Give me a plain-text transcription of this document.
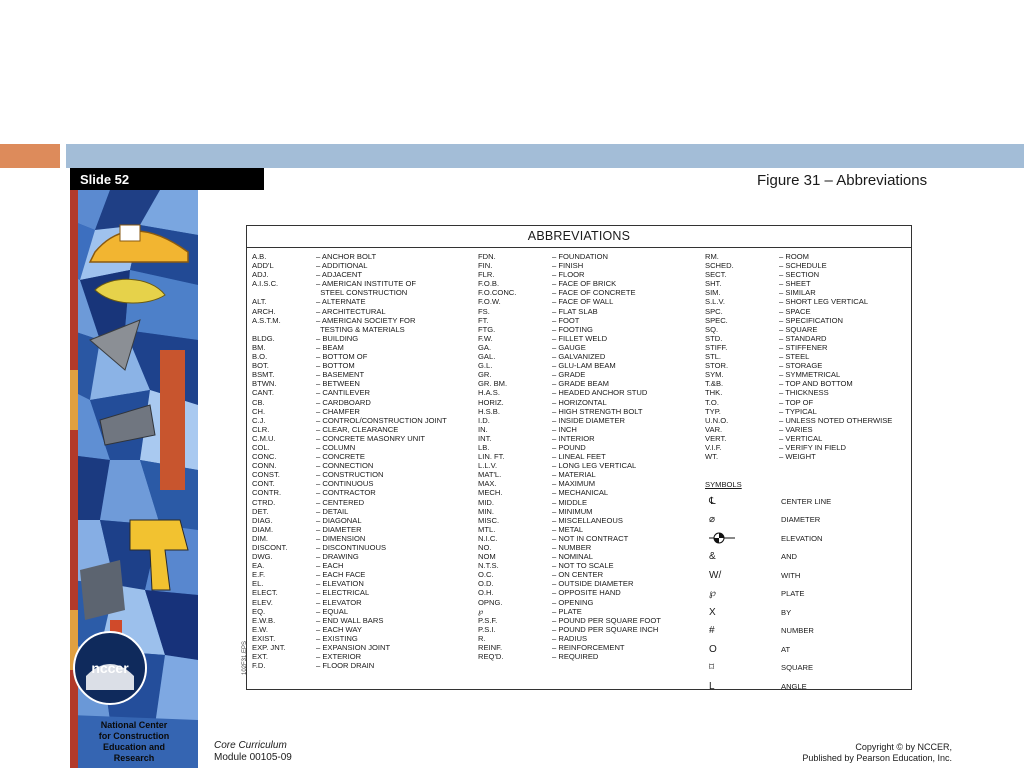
Slide 52	Figure 31 – Abbreviations
nccer
National Center
for Construction
Education and
Research
ABBREVIATIONS
A.B.	– ANCHOR BOLT
ADD'L	– ADDITIONAL
ADJ.	– ADJACENT
A.I.S.C.	– AMERICAN INSTITUTE OF
STEEL CONSTRUCTION
ALT.	– ALTERNATE
ARCH.	– ARCHITECTURAL
A.S.T.M.	– AMERICAN SOCIETY FOR
TESTING & MATERIALS
BLDG.	– BUILDING
BM.	– BEAM
B.O.	– BOTTOM OF
BOT.	– BOTTOM
BSMT.	– BASEMENT
BTWN.	– BETWEEN
CANT.	– CANTILEVER
CB.	– CARDBOARD
CH.	– CHAMFER
C.J.	– CONTROL/CONSTRUCTION JOINT
CLR.	– CLEAR, CLEARANCE
C.M.U.	– CONCRETE MASONRY UNIT
COL.	– COLUMN
CONC.	– CONCRETE
CONN.	– CONNECTION
CONST.	– CONSTRUCTION
CONT.	– CONTINUOUS
CONTR.	– CONTRACTOR
CTRD.	– CENTERED
DET.	– DETAIL
DIAG.	– DIAGONAL
DIAM.	– DIAMETER
DIM.	– DIMENSION
DISCONT.	– DISCONTINUOUS
DWG.	– DRAWING
EA.	– EACH
E.F.	– EACH FACE
EL.	– ELEVATION
ELECT.	– ELECTRICAL
ELEV.	– ELEVATOR
EQ.	– EQUAL
E.W.B.	– END WALL BARS
E.W.	– EACH WAY
EXIST.	– EXISTING
EXP. JNT.	– EXPANSION JOINT
EXT.	– EXTERIOR
F.D.	– FLOOR DRAIN
FDN.	– FOUNDATION
FIN.	– FINISH
FLR.	– FLOOR
F.O.B.	– FACE OF BRICK
F.O.CONC.	– FACE OF CONCRETE
F.O.W.	– FACE OF WALL
FS.	– FLAT SLAB
FT.	– FOOT
FTG.	– FOOTING
F.W.	– FILLET WELD
GA.	– GAUGE
GAL.	– GALVANIZED
G.L.	– GLU-LAM BEAM
GR.	– GRADE
GR. BM.	– GRADE BEAM
H.A.S.	– HEADED ANCHOR STUD
HORIZ.	– HORIZONTAL
H.S.B.	– HIGH STRENGTH BOLT
I.D.	– INSIDE DIAMETER
IN.	– INCH
INT.	– INTERIOR
LB.	– POUND
LIN. FT.	– LINEAL FEET
L.L.V.	– LONG LEG VERTICAL
MAT'L.	– MATERIAL
MAX.	– MAXIMUM
MECH.	– MECHANICAL
MID.	– MIDDLE
MIN.	– MINIMUM
MISC.	– MISCELLANEOUS
MTL.	– METAL
N.I.C.	– NOT IN CONTRACT
NO.	– NUMBER
NOM	– NOMINAL
N.T.S.	– NOT TO SCALE
O.C.	– ON CENTER
O.D.	– OUTSIDE DIAMETER
O.H.	– OPPOSITE HAND
OPNG.	– OPENING
℘	– PLATE
P.S.F.	– POUND PER SQUARE FOOT
P.S.I.	– POUND PER SQUARE INCH
R.	– RADIUS
REINF.	– REINFORCEMENT
REQ'D.	– REQUIRED
RM.	– ROOM
SCHED.	– SCHEDULE
SECT.	– SECTION
SHT.	– SHEET
SIM.	– SIMILAR
S.L.V.	– SHORT LEG VERTICAL
SPC.	– SPACE
SPEC.	– SPECIFICATION
SQ.	– SQUARE
STD.	– STANDARD
STIFF.	– STIFFENER
STL.	– STEEL
STOR.	– STORAGE
SYM.	– SYMMETRICAL
T.&B.	– TOP AND BOTTOM
THK.	– THICKNESS
T.O.	– TOP OF
TYP.	– TYPICAL
U.N.O.	– UNLESS NOTED OTHERWISE
VAR.	– VARIES
VERT.	– VERTICAL
V.I.F.	– VERIFY IN FIELD
WT.	– WEIGHT
SYMBOLS
℄	CENTER LINE
⌀	DIAMETER
ELEVATION
&	AND
W/	WITH
℘	PLATE
X	BY
#	NUMBER
O	AT
⌑	SQUARE
L	ANGLE
102F31.EPS
Core Curriculum
Module 00105-09
Copyright © by NCCER,
Published by Pearson Education, Inc.
